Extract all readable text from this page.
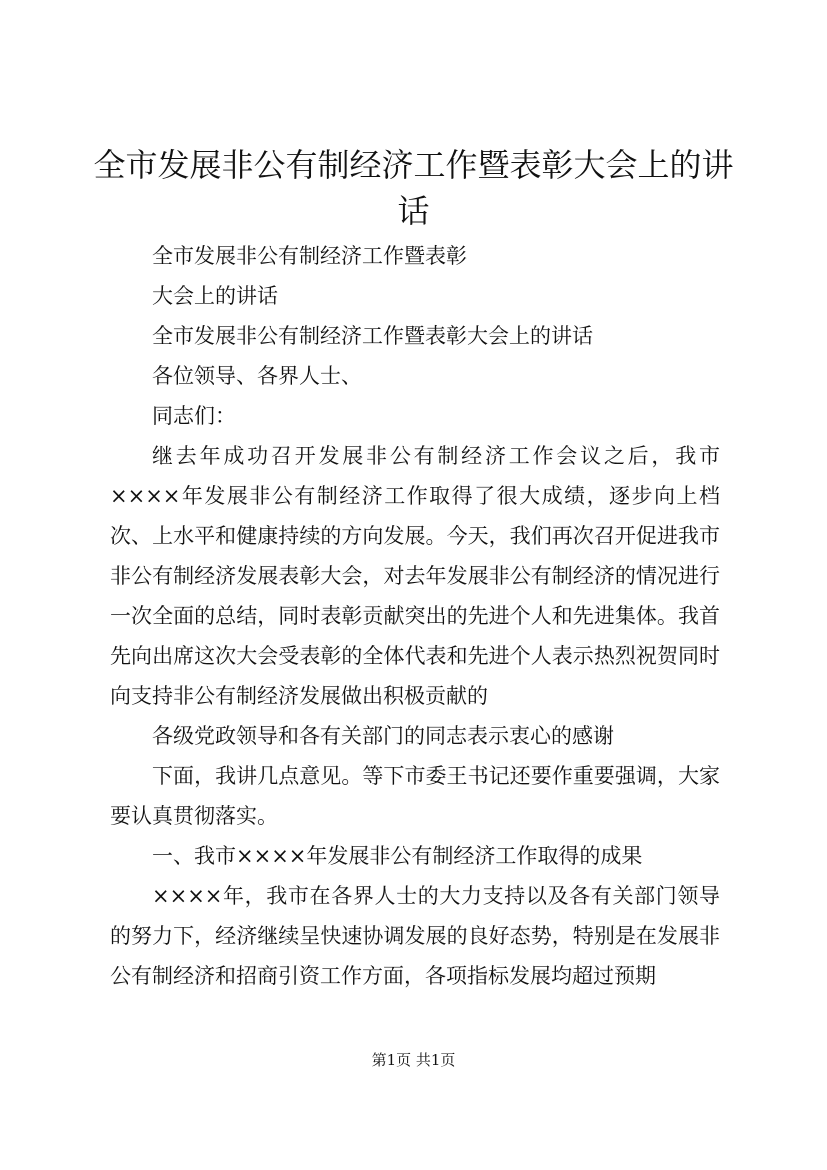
全市发展非公有制经济工作暨表彰大会上的讲
话

全市发展非公有制经济工作暨表彰

大会上的讲话

全市发展非公有制经济工作暨表彰大会上的讲话

各位领导、各界人士、

同志们：

继去年成功召开发展非公有制经济工作会议之后，我市××××年发展非公有制经济工作取得了很大成绩，逐步向上档次、上水平和健康持续的方向发展。今天，我们再次召开促进我市非公有制经济发展表彰大会，对去年发展非公有制经济的情况进行一次全面的总结，同时表彰贡献突出的先进个人和先进集体。我首先向出席这次大会受表彰的全体代表和先进个人表示热烈祝贺同时向支持非公有制经济发展做出积极贡献的

各级党政领导和各有关部门的同志表示衷心的感谢

下面，我讲几点意见。等下市委王书记还要作重要强调，大家要认真贯彻落实。

一、我市××××年发展非公有制经济工作取得的成果

××××年，我市在各界人士的大力支持以及各有关部门领导的努力下，经济继续呈快速协调发展的良好态势，特别是在发展非公有制经济和招商引资工作方面，各项指标发展均超过预期

第1页 共1页
